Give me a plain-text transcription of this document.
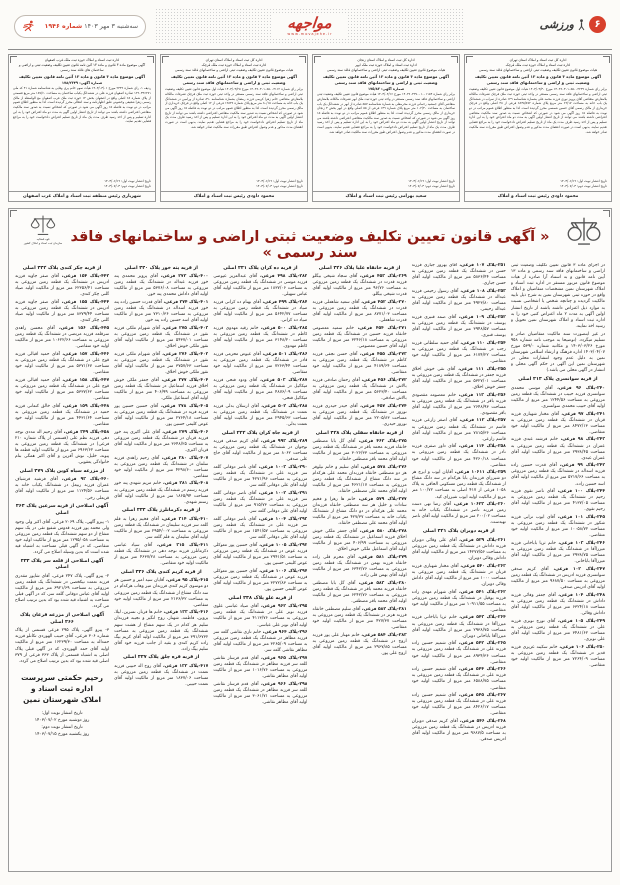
۶
ورزشی
مواجهه
www.movajehe.ir
سه‌شنبه ۳ مهر ۱۴۰۳ شماره ۱۹۴۶
اداره کل ثبت اسناد و املاک استان تهران
اداره ثبت اسناد و املاک حوزه ثبت ملک قرچک
هیات موضوع قانون تعیین تکلیف وضعیت ثبتی اراضی و ساختمانهای فاقد سند رسمی
آگهی موضوع ماده ۳ قانون و ماده ۱۳ آئین نامه قانون تعیین تکلیف وضعیت ثبتی و اراضی و ساختمانهای فاقد سند رسمی
برابر رای شماره ۱۴۰۳۶۰۳۰۱۰۵۵۰۰۴۲۳۹ مورخ ۱۴۰۳/۰۴/۳۰ هیات اول موضوع قانون تعیین تکلیف وضعیت ثبتی اراضی و ساختمانهای فاقد سند رسمی مستقر در واحد ثبتی حوزه ثبت ملک قرچک تصرفات مالکانه بلامعارض متقاضی آقای پرویز نوری فرزند محمد علی بشماره شناسنامه ۱۴۹ صادره از سراب در ششدانگ یک باب خانه به مساحت ۶۹/۱۷ متر مربع پلاک شماره ۸۶۳۵/۸۷۲ فرعی از ۴۸ اصلی واقع در قرچک خریداری از مالک رسمی آقای حسین شمسی محرز گردیده است. لذا به منظور اطلاع عموم مراتب در دو نوبت به فاصله ۱۵ روز آگهی می شود در صورتی که اشخاص نسبت به صدور سند مالکیت متقاضی اعتراضی داشته باشند می توانند از تاریخ انتشار اولین آگهی به مدت دو ماه اعتراض خود را به این اداره تسلیم و پس از اخذ رسید ظرف مدت یک ماه از تاریخ تسلیم اعتراض دادخواست خود را به مراجع قضایی تقدیم نمایند. بدیهی است در صورت انقضای مدت مذکور و عدم وصول اعتراض طبق مقررات سند مالکیت صادر خواهد شد.
تاریخ انتشار نوبت اول: ۱۴۰۳/۰۶/۱۹
تاریخ انتشار نوبت دوم: ۱۴۰۳/۰۷/۰۳
محمود داودی رئیس ثبت اسناد و املاک
اداره کل ثبت اسناد و املاک استان زنجان
اداره ثبت اسناد و املاک حوزه ثبت ملک ابهر
هیات موضوع قانون تعیین تکلیف وضعیت ثبتی اراضی و ساختمانهای فاقد سند رسمی
آگهی موضوع ماده ۳ قانون و ماده ۱۳ آئین نامه قانون تعیین تکلیف وضعیت ثبتی و اراضی و ساختمانهای فاقد سند رسمی
شماره آگهی: ۱۷۵/۸۳
برابر رای شماره ۱۴۰۳۶۰۳۲۷۰۰۱۰۰۱۱۵۴ مورخ ۱۴۰۳/۰۴/۱۶ هیات موضوع قانون تعیین تکلیف وضعیت ثبتی اراضی و ساختمانهای فاقد سند رسمی مستقر در واحد ثبتی حوزه ثبت ملک ابهر تصرفات مالکانه بلامعارض متقاضی آقای جمشید رحمانی فرزند محرمعلی به شماره شناسنامه ۵۵۷ صادره از ابهر در ششدانگ یک باب ساختمان به مساحت ۱۰۲/۳۰ متر مربع پلاک شماره ۱۳۹ فرعی از ۵۵ اصلی واقع در ابهر بخش ۳ زنجان خریداری از مالک رسمی محرز گردیده است. لذا به منظور اطلاع عموم مراتب در دو نوبت به فاصله ۱۵ روز آگهی می شود در صورتی که اشخاص نسبت به صدور سند مالکیت متقاضی اعتراضی داشته باشند می توانند از تاریخ انتشار اولین آگهی به مدت دو ماه اعتراض خود را به این اداره تسلیم و پس از اخذ رسید ظرف مدت یک ماه از تاریخ تسلیم اعتراض دادخواست خود را به مراجع قضایی تقدیم نمایند. بدیهی است در صورت انقضای مدت مذکور و عدم وصول اعتراض طبق مقررات سند مالکیت صادر خواهد شد.
تاریخ انتشار نوبت اول: ۱۴۰۳/۰۶/۱۹
تاریخ انتشار نوبت دوم: ۱۴۰۳/۰۷/۰۳
سعید بهرامی رئیس ثبت اسناد و املاک
اداره کل ثبت اسناد و املاک استان تهران
اداره ثبت اسناد و املاک حوزه ثبت ملک قرچک
هیات موضوع قانون تعیین تکلیف وضعیت ثبتی اراضی و ساختمانهای فاقد سند رسمی
آگهی موضوع ماده ۳ قانون و ماده ۱۳ آئین نامه قانون تعیین تکلیف وضعیت ثبتی و اراضی و ساختمانهای فاقد سند رسمی
برابر رای شماره ۱۴۰۳۶۰۳۰۱۰۵۵۰۰۴۱۱۲ مورخ ۱۴۰۳/۰۴/۲۵ هیات اول موضوع قانون تعیین تکلیف وضعیت ثبتی اراضی و ساختمانهای فاقد سند رسمی مستقر در واحد ثبتی حوزه ثبت ملک قرچک تصرفات مالکانه بلامعارض متقاضی خانم زهرا کریمی فرزند رمضان بشماره شناسنامه ۸۹۰ صادره از ورامین در ششدانگ یک باب خانه به مساحت ۸۰/۱۵ متر مربع پلاک شماره ۱۲۸۳۶ فرعی از ۱۲ اصلی واقع در قرچک خریداری از مالک رسمی محرز گردیده است. لذا به منظور اطلاع عموم مراتب در دو نوبت به فاصله ۱۵ روز آگهی می شود در صورتی که اشخاص نسبت به صدور سند مالکیت متقاضی اعتراضی داشته باشند می توانند از تاریخ انتشار اولین آگهی به مدت دو ماه اعتراض خود را به این اداره تسلیم و پس از اخذ رسید ظرف مدت یک ماه از تاریخ تسلیم اعتراض دادخواست خود را به مراجع قضایی تقدیم نمایند. بدیهی است در صورت انقضای مدت مذکور و عدم وصول اعتراض طبق مقررات سند مالکیت صادر خواهد شد.
تاریخ انتشار نوبت اول: ۱۴۰۳/۰۶/۱۹
تاریخ انتشار نوبت دوم: ۱۴۰۳/۰۷/۰۳
محمود داودی رئیس ثبت اسناد و املاک
اداره ثبت اسناد و املاک حوزه ثبت ملک غرب اصفهان
آگهی موضوع ماده ۳ قانون و ماده ۱۳ آئین نامه قانون تعیین تکلیف وضعیت ثبتی و اراضی و ساختمان های فاقد سند رسمی
آگهی موضوع ماده ۳ قانون و ماده ۱۳ آئین نامه قانون تعیین تکلیف
شماره آگهی: ۱۷۸/۲۳۴۹
ردیف ۱- رای شماره ۲۳۴۹ مورخ ۱۴۰۳/۰۳/۰۱ هیأت سوم خانم پری وفایی به شناسنامه شماره ۴۱ کد ملی ۱۲۹۰۳۴۶۲۷۱ صادره اصفهان فرزند علی در ششدانگ یکباب ساختمان به مساحت ۱۸۷/۶۰ متر مربع قسمتی از پلاک شماره ۶۸ اصلی واقع در اصفهان بخش ۱۴ حوزه ثبت ملک غرب اصفهان مع الواسطه از مالک رسمی زهرا شفیعی وخشونی طبق اظهارنامه و سند انتقالی محرز گردیده است. لذا به منظور اطلاع عموم مراتب در دو نوبت به فاصله ۱۵ روز آگهی می شود در صورتی که اشخاص نسبت به صدور سند مالکیت متقاضی اعتراضی داشته باشند می توانند از تاریخ انتشار اولین آگهی به مدت دو ماه اعتراض خود را به این اداره تسلیم و پس از اخذ رسید ظرف مدت یک ماه از تاریخ تسلیم اعتراض دادخواست خود را به مراجع قضایی تقدیم نمایند.
تاریخ انتشار نوبت اول: ۱۴۰۳/۰۶/۱۹
تاریخ انتشار نوبت دوم: ۱۴۰۳/۰۷/۰۳
شهریاری رئیس منطقه ثبت اسناد و املاک غرب اصفهان
قوه قضائیه
سازمان ثبت اسناد و املاک کشور « آگهی قانون تعیین تکلیف وضعیت ثبتی اراضی و ساختمانهای فاقد سند رسمی »
در اجرای ماده ۳ قانون تعیین تکلیف وضعیت ثبتی اراضی و ساختمانهای فاقد سند رسمی و ماده ۱۳ آیین نامه قانون و به استناد آرا صادره از هیات موضوع قانون مزبور مستقر در اداره ثبت اسناد و املاک شهرستان نمین مشخصات متقاضیان و املاک واقع در حوزه ثبتی شهرستان نمین به شرح ذیل تایید مالکیت گردیده و چنانچه شخص یا اشخاصی نسبت به موارد ذیل اعتراض داشته باشند از تاریخ انتشار اولین آگهی به مدت ۲ ماه اعتراض کتبی خود را به اداره ثبت اسناد و املاک شهرستان نمین تحویل و رسید اخذ نمایند.
در غیر اینصورت سند مالکیت متقاضیان صادر و تسلیم میگردد. (توضیحا به موجب نامه شماره ۹۵۸ مورخ ۱۴۰۳/۰۳/۲۶ و مکاتبه شماره ۵۳۹/۰ مورخ ۱۴۰۳/۰۴/۰۷ اداره فرهنگ و ارشاد اسلامی شهرستان نمین به دلیل عدم وجود انتشارات محلی در شهرستان نمین این آگهی در حکم آگهی محلی و انتشار در آگهی محلی می باشد.)
از قریه سوانسری پلاک ۴۱۴ اصلی
۳۴۰-پلاک ۹۶ فرعی، آقای موسی محمدی سوانسری فرزند حبیب در ششدانگ یک قطعه زمین مزروعی به مساحت ۱۲۴۴/۵۶ متر مربع از مالکیت اولیه آقای حبیب محمدی سوانسری.
۳۴۱-پلاک ۹۷ فرعی، آقای مختار شهبازی فرزند قربان در ششدانگ یک قطعه زمین مزروعی به مساحت ۸۴۷۲/۱۳ متر مربع از مالکیت اولیه خود متقاضی.
۳۴۲-پلاک ۹۸ فرعی، خانم فرشته عبدی فرزند عمران در ششدانگ یک قطعه زمین مزروعی به مساحت ۲۹۳۸/۴۵ متر مربع از مالکیت اولیه آقای عمران عبدی.
۳۴۳-پلاک ۹۹ فرعی، آقای قدرت حسین زاده فرزند اسداله در ششدانگ یک قطعه زمین مزروعی به مساحت ۵۲۱۷/۶۶ متر مربع از مالکیت اولیه آقای اسد حسین زاده.
۳۴۴-پلاک ۱۰۰ فرعی، آقای ناصر تقوی فرزند رحیم در ششدانگ یک قطعه زمین مزروعی به مساحت ۴۱۳۷/۰۵ متر مربع از مالکیت اولیه آقای رحیم تقوی.
۳۴۵-پلاک ۱۰۱ فرعی، آقای ایوب ترابی فرزند شکور در ششدانگ یک قطعه زمین مزروعی به مساحت ۱۰۰۵۸/۷۲ متر مربع از مالکیت اولیه خود متقاضی.
۳۴۶-پلاک ۱۰۲ فرعی، خانم ثریا باباخانی فرزند میرزاآقا در ششدانگ یک قطعه زمین مزروعی به مساحت ۲۹۳۸/۷۵ متر مربع از مالکیت اولیه آقای میرزاآقا باباخانی.
۳۴۷-پلاک ۱۰۳ فرعی، آقای کریم صدقی سوانسری فرزند ادریس در ششدانگ یک قطعه زمین مزروعی به مساحت ۹۶۸۷/۵۰ متر مربع از مالکیت اولیه آقای ادریس صدقی.
۳۴۸-پلاک ۱۰۴ فرعی، آقای جعفر وفائی فرزند داداش در ششدانگ یک قطعه زمین مزروعی به مساحت ۶۳۲۴/۱۸ متر مربع از مالکیت اولیه آقای داداش وفائی.
۳۴۹-پلاک ۱۰۵ فرعی، آقای تورج نوبری فرزند علی در ششدانگ یک قطعه زمین مزروعی به مساحت ۳۴۸۱/۶۲ متر مربع از مالکیت اولیه آقای علی نوبری.
۳۵۰-پلاک ۱۰۶ فرعی، خانم سکینه عزیزی فرزند قدیر در ششدانگ یک قطعه زمین مزروعی به مساحت ۷۲۶۴/۰۹ متر مربع از مالکیت اولیه خود متقاضی.
۳۵۱-پلاک ۱۰۷ فرعی، آقای بهروز جباری فرزند حسن در ششدانگ یک قطعه زمین مزروعی به مساحت ۵۸۳۶/۴۴ متر مربع از مالکیت اولیه آقای حسن جباری.
۳۵۲-پلاک ۱۰۸ فرعی، آقای رسول رحیمی فرزند عبداله در ششدانگ یک قطعه زمین مزروعی به مساحت ۴۹۲۳/۸۰ متر مربع از مالکیت اولیه آقای عبداله رحیمی.
۳۵۳-پلاک ۱۰۹ فرعی، آقای صمد قنبری فرزند یوسف در ششدانگ یک قطعه زمین مزروعی به مساحت ۳۹۴۸/۵۷ متر مربع از مالکیت اولیه آقای یوسف قنبری.
۳۵۴-پلاک ۱۱۰ فرعی، آقای حمید سلطانی فرزند رجب در ششدانگ یک قطعه زمین مزروعی به مساحت ۶۱۷۴/۲۲ متر مربع از مالکیت اولیه خود متقاضی.
۳۵۵-پلاک ۱۱۱ فرعی، آقای نقی خوش اخلاق فرزند جعفر در ششدانگ یک قطعه زمین مزروعی به مساحت ۵۳۲۷/۰۱ متر مربع از مالکیت اولیه آقای جعفر خوش اخلاق.
۳۵۶-پلاک ۱۱۲ فرعی، خانم معصومه مقصودی فرزند باقر در ششدانگ یک قطعه زمین مزروعی به مساحت ۲۶۴۸/۹۳ متر مربع از مالکیت اولیه آقای باقر مقصودی.
۳۵۷-پلاک ۱۱۳ فرعی، آقای اصغر زارعی فرزند قاسم در ششدانگ یک قطعه زمین مزروعی به مساحت ۷۸۱۵/۳۶ متر مربع از مالکیت اولیه آقای قاسم زارعی.
۳۵۸-پلاک ۱۱۴ فرعی، آقای داور صفری فرزند نادر در ششدانگ یک قطعه زمین مزروعی به مساحت ۴۲۶۰/۱۸ متر مربع از مالکیت اولیه خود متقاضی.
۳۵۹-پلاک ۱۰۶۱۱ فرعی، آقایان ایوب و ایرج هر دو شیرزای فرزندان بابا هرکدام در سه دانگ مشاع از ششدانگ یک قطعه زمین مسکونی الحاقی به پلاک ۱۰۵۸ فرعی از ۴۱۷ اصلی به مساحت ۱۰۰/۷۲ متر مربع از مالکیت اولیه ایوب شیرزای کید.
۳۶۰-پلاک ۱۰۶۳۲ فرعی، آقای رضا تهی دست زمین فرزند ناصر در ششدانگ یکباب خانه به مساحت ۲۰۰/۰۲ متر مربع از مالکیت اولیه آقای ناصر تهیدست.
از قریه دوبران پلاک ۴۲۱ اصلی
۳۶۱-پلاک ۵۳۹ فرعی، آقای علی وقائی دوبران فرزند داداش در ششدانگ یک قطعه زمین مزروعی به مساحت ۱۴۲۷۷/۵۶ متر مربع از مالکیت اولیه آقای داداش وقائی دوبران.
۳۶۲-پلاک ۵۴۰ فرعی، آقای مختار شهبازی فرزند قربان در ششدانگ یک قطعه زمین مزروعی به مساحت ۱۰۰۰ متر مربع از مالکیت اولیه آقای داداش وقائی دوبران.
۳۶۳-پلاک ۵۴۱ فرعی، آقای شهرام مهدی زاده فرزند یوقیل در ششدانگ یک قطعه زمین مزروعی به مساحت ۱۰۹۱۱/۵۵ متر مربع از مالکیت اولیه خود متقاضی.
۳۶۴-پلاک ۵۴۲ فرعی، خانم ثریا باباخانی فرزند میرزاآقا در ششدانگ یک قطعه زمین مزروعی به مساحت ۲۹۳۸/۷۵ متر مربع از مالکیت اولیه آقای میرزاآقا باباخانی دوبران.
۳۶۵-پلاک ۵۴۳ فرعی، آقای شمیم حسین زاده فرزند علی در ششدانگ یک قطعه زمین مزروعی به مساحت ۸۹۳۴/۳۶ متر مربع از مالکیت اولیه خود متقاضی.
۳۶۶-پلاک ۵۴۴ فرعی، آقای شمیم حسین زاده فرزند علی در ششدانگ یک قطعه زمین مزروعی به مساحت ۶۵۸۸/۷۵ متر مربع از مالکیت اولیه خود متقاضی.
۳۶۷-پلاک ۵۴۵ فرعی، آقای شمیم حسین زاده فرزند علی در ششدانگ یک قطعه زمین مزروعی به مساحت ۸۴۲۶/۱۷ متر مربع از مالکیت اولیه خود متقاضی.
۳۶۸-پلاک ۵۴۶ فرعی، آقای کریم صدقی دوبران فرزند ادریس در ششدانگ یک قطعه زمین مزروعی به مساحت ۹۶۸۷/۵ متر مربع از مالکیت اولیه آقای ادریس صدقی.
از قریه خانقاه علیا پلاک ۴۲۶ اصلی
۳۶۹-پلاک ۴۵۲ فرعی، آقای سجاد شیخی بیگلو فرزند قدرت در ششدانگ یک قطعه زمین مزروعی به مساحت ۹۶/۷۶ متر مربع از مالکیت اولیه آقای قدرت شیخی بیگلو.
۳۷۰-پلاک ۴۵۳ فرعی، آقای سعید شاهعلی فرزند قدرت در ششدانگ یک قطعه زمین مزروعی به مساحت ۸۷۷۱/۰۳ متر مربع از مالکیت اولیه آقای قدرت شاهعلی.
۳۷۱-پلاک ۴۵۴ فرعی، خانم سمیه معصومی خانقاه فرزند حسین در ششدانگ یک قطعه زمین مزروعی به مساحت ۳۲۴۶/۱۸ متر مربع از مالکیت اولیه آقای حسین معصومی.
۳۷۲-پلاک ۴۵۵ فرعی، آقای حسن نجفی فرزند کاظم در ششدانگ یک قطعه زمین مزروعی به مساحت ۴۱۸۹/۶۴ متر مربع از مالکیت اولیه خود متقاضی.
۳۷۳-پلاک ۴۵۶ فرعی، آقای رحمان صادقی فرزند بالاش در ششدانگ یک قطعه زمین مزروعی به مساحت ۵۶۲۳/۴۰ متر مربع از مالکیت اولیه آقای بالاش صادقی.
۳۷۴-پلاک ۴۵۷ فرعی، آقای حیدر حیدری فرزند نوروز در ششدانگ یک قطعه زمین مزروعی به مساحت ۲۲۰۵/۸۳ متر مربع از مالکیت اولیه آقای نوروز حیدری.
از قریه خانقاه سفلی پلاک ۴۲۸ اصلی
۳۷۵-پلاک ۴۶۳ فرعی، آقای گل بابا مصطفی خانقاه فرزند محمد باقر در ششدانگ یک قطعه زمین مزروعی به مساحت ۳۰۲۶/۳۳ متر مربع از مالکیت اولیه آقای محمد باقر مصطفی خانقاه.
۳۷۶-پلاک ۵۷۸ فرعی، آقای سلیم و خانم نیلوفر هر دو مصطفی خانقاه فرزندان محمد علی هرکدام در سه دانگ مشاع از ششدانگ یک قطعه زمین مزروعی به مساحت ۴۶۲۱/۱۷ متر مربع از مالکیت اولیه آقای محمد علی مصطفی خانقاه.
۳۷۷-پلاک ۵۷۹ فرعی، خانم ها زهرا و فخیم سادات و خلیل هر سه مصطفی خانقاه فرزندان محمد علی هرکدام در دو دانگ مشاع از ششدانگ یکباب خانه به مساحت ۴۲۷/۳۷ متر مربع از مالکیت اولیه آقای محمد علی مصطفی خانقاه.
۳۷۸-پلاک ۵۸۰ فرعی، آقای جعفر ملکی خوش اخلاق فرزند اسماعیل در ششدانگ یک قطعه زمین مزروعی به مساحت ۴۰۶/۹۹ متر مربع از مالکیت اولیه آقای اسماعیل ملکی خوش اخلاق.
۳۷۹-پلاک ۵۸۱ فرعی، آقای محرم قلی زاده خانقاه فرزند بهمن در ششدانگ یک قطعه زمین مزروعی به مساحت ۶۳۴۲/۷۶ متر مربع از مالکیت اولیه آقای بهمن قلی زاده.
۳۸۰-پلاک ۵۸۲ فرعی، آقای گل بابا مصطفی خانقاه فرزند محمد باقر در ششدانگ یک قطعه زمین مزروعی به مساحت ۶۲۴۲/۷۶ متر مربع از مالکیت اولیه آقای محمد باقر مصطفی.
۳۸۱-پلاک ۵۸۳ فرعی، آقای سلیم مصطفی خانقاه فرزند هرتز در ششدانگ یک قطعه زمین مزروعی به مساحت ۴۲۷/۳۷ متر مربع از مالکیت اولیه خود متقاضی.
۳۸۲-پلاک ۵۸۴ فرعی، خانم مهناز علی پور فرزند اروج در ششدانگ یک قطعه زمین مزروعی به مساحت ۲۹۶۷/۸۵ متر مربع از مالکیت اولیه آقای اروج علی پور.
از قریه ده کران پلاک ۴۳۱ اصلی
۳۸۳-پلاک ۴۹۸ فرعی، آقای عبدالعزیز عیوضی فرزند موسی در ششدانگ یک قطعه زمین مزروعی به مساحت ۱۸۳۷/۰۶ متر مربع از مالکیت اولیه آقای عباس سهیلی.
۳۸۴-پلاک ۴۹۹ فرعی، آقای بهنام ده کرانی فرزند صیاد در ششدانگ یک قطعه زمین مزروعی به مساحت ۵۶۴۲/۷۷ متر مربع از مالکیت اولیه آقای صیاد ده کرانی.
۳۸۵-پلاک ۵۰۰ فرعی، خانم رقیه مهدوی فرزند کاظم در ششدانگ یک قطعه زمین مزروعی به مساحت ۳۱۴۸/۲۰ متر مربع از مالکیت اولیه آقای کاظم مهدوی.
۳۸۶-پلاک ۵۰۱ فرعی، آقای عیوض محرمی فرزند قادر در ششدانگ یک قطعه زمین مزروعی به مساحت ۷۲۶۳/۴۴ متر مربع از مالکیت اولیه خود متقاضی.
۳۸۷-پلاک ۵۰۲ فرعی، آقای ودود فتحی فرزند میکائیل در ششدانگ یک قطعه زمین مزروعی به مساحت ۴۸۷۶/۰۹ متر مربع از مالکیت اولیه آقای میکائیل فتحی.
۳۸۸-پلاک ۵۰۳ فرعی، آقای ارسلان بدلی فرزند نعمت در ششدانگ یک قطعه زمین مزروعی به مساحت ۲۹۴۵/۶۳ متر مربع از مالکیت اولیه آقای نعمت بدلی.
از قریه جاه کران پلاک ۲۲۲ اصلی
۳۸۹-پلاک ۹۹۲ فرعی، آقای کریم صدقی فرزند نوجوان در ششدانگ یک قطعه زمین مزروعی به مساحت ۸۰۶۲ متر مربع از مالکیت اولیه آقای حاج علی صدقی.
۳۹۰-پلاک ۱۰۰۲ فرعی، آقای ناصر دوقانی گلعه سر فرزند علی در ششدانگ یک قطعه زمین مزروعی به مساحت ۴۲۷۱/۹۶ متر مربع از مالکیت اولیه آقای علی دوقانی گلعه سر.
۳۹۱-پلاک ۱۰۰۳ فرعی، آقای ناصر دوقانی گلعه سر فرزند علی در ششدانگ یک قطعه زمین مزروعی به مساحت ۹۱۵/۷۳ متر مربع از مالکیت اولیه آقای علی دوقانی گلعه سر.
۳۹۲-پلاک ۱۰۰۴ فرعی، آقای ناصر دوقانی گلعه سر فرزند علی در ششدانگ یک قطعه زمین مزروعی به مساحت ۱۵۴۱/۵۷ متر مربع از مالکیت اولیه آقای علی دوقانی گلعه سر.
۳۹۳-پلاک ۱۰۰۵ فرعی، آقای حسین پور معوکلی فرزند عوض در ششدانگ یک قطعه زمین مزروعی به مساحت ۲۹۴۱/۵۱ متر مربع از مالکیت اولیه آقای عوض کلیمی حسین پور.
۳۹۴-پلاک ۱۰۰۶ فرعی، آقای حسین پور معوکلی فرزند عوض در ششدانگ یک قطعه زمین مزروعی به مساحت ۳۲۷۲/۸۳ متر مربع از مالکیت اولیه آقای عوض کلیمی حسین پور.
از قریه علو پلاک ۴۳۸ اصلی
۳۹۵-پلاک ۹۶۳ فرعی، آقای صیاد عباسی علوی فرزند نوبر علی در ششدانگ یک قطعه زمین مزروعی به مساحت ۴۱۱۳/۷۶ متر مربع از مالکیت اولیه آقای نوبر علی عباسی.
۳۹۶-پلاک ۹۶۴ فرعی، خانم نازی نقاشی گلعه سر فرزند مظاهر در ششدانگ یک قطعه زمین مزروعی به مساحت ۳۲۶۵/۰۹ متر مربع از مالکیت اولیه آقای مظاهر نقاشی گلعه سر.
۳۹۷-پلاک ۹۶۵ فرعی، آقای قدم فرساز نقاشی گلعه سر فرزند مظاهر در ششدانگ یک قطعه زمین مزروعی به مساحت ۱۰۱۶/۷۶ متر مربع از مالکیت اولیه آقای مظاهر نقاشی.
۳۹۸-پلاک ۹۶۶ فرعی، آقای قدم فرساز نقاشی گلعه سر فرزند مظاهر در ششدانگ یک قطعه زمین مزروعی به مساحت ۳۰۶۱/۷۱ متر مربع از مالکیت اولیه آقای مظاهر نقاشی.
از قریه پته خور پلاک ۴۴۰ اصلی
۴۰۰-پلاک ۳۷۳ فرعی، آقای پرویز محمدی پته خور فرزند عبداله در ششدانگ یک قطعه زمین مزروعی به مساحت ۵۳۷۶/۰۸ متر مربع از مالکیت اولیه آقای داداش محمدی پته خور.
۴۰۱-پلاک ۳۷۴ فرعی، آقای قدرت حسین زاده پته خور فرزند اسداله در ششدانگ یک قطعه زمین مزروعی به مساحت ۷۳۱۰/۳۶ متر مربع از مالکیت اولیه آقای اسد حسین زاده پته خور.
۴۰۲-پلاک ۳۷۵ فرعی، آقای شهرام ملکی فرزند نقور در ششدانگ یک قطعه زمین مزروعی به مساحت ۵۴۳۷/۰۱ متر مربع از مالکیت اولیه آقای نقور ملکی خوش اخلاق.
۴۰۳-پلاک ۳۷۶ فرعی، آقای شهرام ملکی فرزند نقور در ششدانگ یک قطعه زمین مزروعی به مساحت ۳۷۵۷/۶۳ متر مربع از مالکیت اولیه آقای نقور ملکی خوش اخلاق.
۴۰۴-پلاک ۳۷۷ فرعی، آقای جعفر ملکی خوش اخلاق فرزند اسماعیل در ششدانگ یک قطعه زمین مزروعی به مساحت ۴۰۶/۹۹ متر مربع از مالکیت اولیه آقای اسماعیل ملکی.
۴۰۵-پلاک ۳۷۸ فرعی، آقای حسین حسین پور فرزند فرید در ششدانگ یک قطعه زمین مزروعی به مساحت ۲۷۶۴/۱۸ متر مربع از مالکیت اولیه آقای عوض کلیمی حسین پور.
۴۰۶-پلاک ۳۷۹ فرعی، آقای علی اکبری پته خور فرزند قربان در ششدانگ یک قطعه زمین مزروعی به مساحت ۳۶۴۸/۲۵ متر مربع از مالکیت اولیه آقای قربان اکبری.
۴۰۷-پلاک ۳۸۰ فرعی، آقای رحیم زاهدی فرزند سلمان در ششدانگ یک قطعه زمین مزروعی به مساحت ۴۲۹۸/۶۰ متر مربع از مالکیت اولیه خود متقاضی.
۴۰۸-پلاک ۳۸۱ فرعی، خانم مریم شهدی پته خور فرزند رستم در ششدانگ یک قطعه زمین مزروعی به مساحت ۱۸۶۵/۹۴ متر مربع از مالکیت اولیه آقای رستم شهدی.
از قریه دکرمانلرز پلاک ۴۳۴ اصلی
۴۱۰-پلاک ۲۱۴ فرعی، آقای فخیم زهرا به قلم گلعه سر فرزند سلیمان در ششدانگ یک قطعه زمین مزروعی به مساحت ۲۹۵۴/۰۰۲ متر مربع از مالکیت اولیه آقای سلیمان به قلم گلعه سر.
۴۱۱-پلاک ۲۱۵ فرعی، آقای سیاد عباسی دکرمانلرز فرزند نوجه دهی در ششدانگ یک قطعه زمین مزروعی به مساحت ۴۶۳۷/۲۸ متر مربع از مالکیت اولیه خود متقاضی.
از قریه کریم کندی پلاک ۴۳۶ اصلی
۴۱۵-پلاک ۹۵ فرعی، آقایان سید امیر و حسین هر دو موسوی کریم کندی فرزندان میر وهاب هرکدام در سه دانگ مشاع از ششدانگ یک قطعه زمین مزروعی به مساحت ۲۱۳۶/۳۲ متر مربع از مالکیت اولیه خود متقاضی.
۴۱۶-پلاک ۱۲۲ فرعی، خانم ها فرناز، نسرین، لیلا، پروین، فاطمه، شهناز، روح انگیز و نجیبه فرزندان سلیم هر کدام در یک سهم مشاع از هشت سهم ششدانگ یک قطعه زمین مزروعی به مساحت ۳۹۱/۶۷۳۲ متر مربع از مالکیت اولیه آقای کریم بیگ زاده کریم کندی و بقیه از جانب فرزند خود آقای سلیم بیگ زاده.
از قریه قره چلق پلاک ۴۳۷ اصلی
۴۱۷-پلاک ۱۲۳ فرعی، آقای روح اله حبیبی فرزند نعمت در ششدانگ یک قطعه زمین مزروعی به مساحت ۱۸۳۷/۰۶ متر مربع از مالکیت اولیه آقای نعمت حبیبی.
از قریه چکر کندی پلاک ۴۴۲ اصلی
۴۴۳-پلاک ۱۵۴ فرعی، آقای صفر جاوید فرزند ادریس در ششدانگ یک قطعه زمین مزروعی به مساحت ۶۲۳۵۶/۴۱ متر مربع از مالکیت اولیه صیاد گلنی چکر کندی.
۴۴۴-پلاک ۱۵۵ فرعی، آقای صفر جاوید فرزند ادریس در ششدانگ یک قطعه زمین مزروعی به مساحت ۸۳۷۹/۴۴ متر مربع از مالکیت اولیه صیاد گلنی چکر کندی.
۴۴۵-پلاک ۱۵۶ فرعی، آقای محسن زاهدی سرقلعه فرزند مرتضی در ششدانگ یک قطعه زمین مزروعی به مساحت ۱۰۶۲۲/۶۶ متر مربع از مالکیت اولیه خود متقاضی.
۴۴۶-پلاک ۱۵۷ فرعی، آقای حمید اقبالی فرزند قوچ علی در ششدانگ یک قطعه زمین مزروعی به مساحت ۵۳۷۱/۶۷ متر مربع از مالکیت اولیه خود متقاضی.
۴۴۷-پلاک ۱۵۸ فرعی، آقای حمید اقبالی فرزند قوچ علی در ششدانگ یک قطعه زمین مزروعی به مساحت ۵۳۳۷/۶۲ متر مربع از مالکیت اولیه خود متقاضی.
۴۴۸-پلاک ۱۵۹ فرعی، آقای خالق کنعانی فرزند حمید در ششدانگ یک قطعه زمین مزروعی به مساحت ۴۴۳۱/۶۴ متر مربع از مالکیت اولیه خود متقاضی.
۴۵۸-پلاک ۲۴۹ فرعی، آقای رحیم اله مددی نوجه دهی فرزند نظم علی (قسمتی از پلاک شماره ۲۱۰ فرعی) در ششدانگ یک قطعه زمین مزروعی به مساحت ۶۹۶۳/۶۲ متر مربع از مالکیت اولیه قطعه ها پیوند، خلیل، نوش آفرین و آقای اکبر همگی بنام خانوادگی یعقوبی.
از مزرعه سیاه کوین پلاک ۴۷۹ اصلی
۴۶۰-پلاک ۹۲ فرعی، آقای فرشید فرشباف عمران فرزند ربیعل در ششدانگ یکباب خانه به مساحت ۱۱۲۴/۵۶ متر مربع از مالکیت اولیه آقای قربعلی رخی.
آگهی اصلاحی از قریه سرعین پلاک ۳۶۴ اصلی
۱- پیرو آگهی، پلاک ۲۰۶۹ فرعی، آقای اکبر ولی وجود ولی محمد پور فرزند قدوس شفیع تقی در یک سهم مشاع از دو سهم ششدانگ یک قطعه زمین مزروعی به مساحت ۱۲۹۵/۰۵۸ متر مربع از مالکیت اولیه خود متقاضی، که در آگهی قبلی مساحت به اشتباه قید شده است که بدین وسیله اصلاح می گردد.
آگهی اصلاحی از قلعه سر پلاک ۴۳۳ اصلی
۲- پیرو آگهی، پلاک ۲۴۷ فرعی، آقای شاپور مقدری فرزند نعمت نیکخصی در ششدانگ یک قطعه زمین مزروعی به مساحت ۶۹۲۱/۶۹ متر مربع از مالکیت اولیه آقای عباس دوقانی گلعه سر، که در آگهی قبلی مساحت به اشتباه قید شده بود که بدین ترتیب اصلاح می گردد.
آگهی اصلاحی از مزرعه قرغان پلاک ۴۶۶ اصلی
۳- پیرو آگهی، پلاک ۲۹۵ فرعی قسمتی از پلاک شماره ۳۰۶ فرعی، آقای حبیب الهوردی تکانلو فرزند حمداله به مساحت ۱۶۲۳۹/۳۰ متر مربع از مالکیت اولیه آقای حمد الهوردی، که در آگهی قبلی پلاک اصلی به اشتباه قسمتی از پلاک ۳۶۳ فرعی از ۳۷۹ اصلی قید شده بود که بدین ترتیب اصلاح می گردد.
رحیم حکمتی سرپرست اداره ثبت اسناد و املاک شهرستان نمین
تاریخ انتشار نوبت اول:
روز دوشنبه مورخ ۱۴۰۳/۰۷/۰۲
تاریخ انتشار نوبت دوم:
روز یکشنبه مورخ ۱۴۰۳/۰۷/۱۵
